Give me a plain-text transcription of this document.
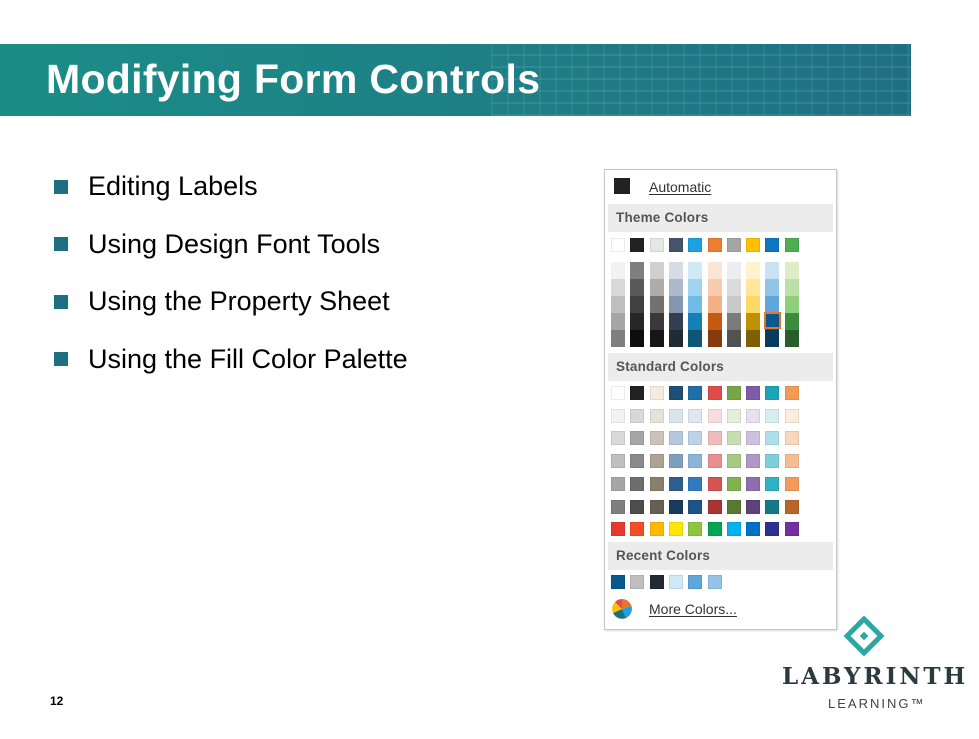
Modifying Form Controls
Editing Labels
Using Design Font Tools
Using the Property Sheet
Using the Fill Color Palette
Automatic
Theme Colors
Standard Colors
Recent Colors
More Colors...
LABYRINTH
LEARNING™
12
